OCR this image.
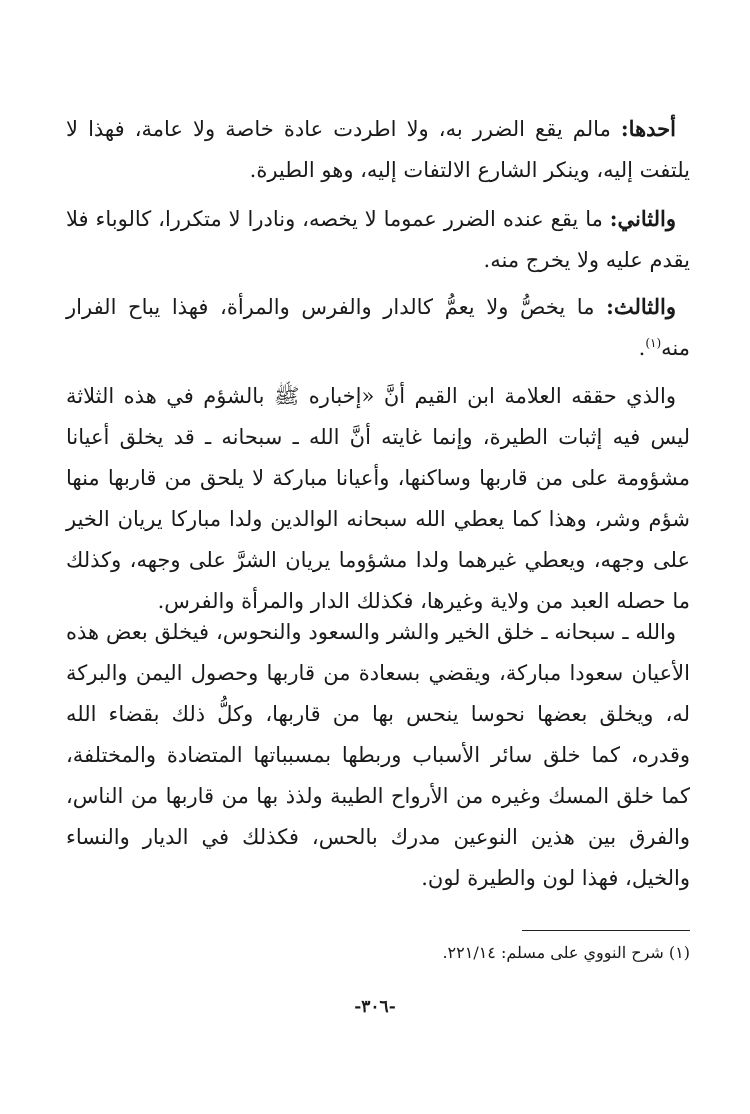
أحدها: مالم يقع الضرر به، ولا اطردت عادة خاصة ولا عامة، فهذا لا يلتفت إليه، وينكر الشارع الالتفات إليه، وهو الطيرة.

والثاني: ما يقع عنده الضرر عموما لا يخصه، ونادرا لا متكررا، كالوباء فلا يقدم عليه ولا يخرج منه.

والثالث: ما يخصُّ ولا يعمُّ كالدار والفرس والمرأة، فهذا يباح الفرار منه$^{(١)}$.

والذي حققه العلامة ابن القيم أنَّ «إخباره ﷺ بالشؤم في هذه الثلاثة ليس فيه إثبات الطيرة، وإنما غايته أنَّ الله ـ سبحانه ـ قد يخلق أعيانا مشؤومة على من قاربها وساكنها، وأعيانا مباركة لا يلحق من قاربها منها شؤم وشر، وهذا كما يعطي الله سبحانه الوالدين ولدا مباركا يريان الخير على وجهه، ويعطي غيرهما ولدا مشؤوما يريان الشرَّ على وجهه، وكذلك ما حصله العبد من ولاية وغيرها، فكذلك الدار والمرأة والفرس.

والله ـ سبحانه ـ خلق الخير والشر والسعود والنحوس، فيخلق بعض هذه الأعيان سعودا مباركة، ويقضي بسعادة من قاربها وحصول اليمن والبركة له، ويخلق بعضها نحوسا ينحس بها من قاربها، وكلُّ ذلك بقضاء الله وقدره، كما خلق سائر الأسباب وربطها بمسبباتها المتضادة والمختلفة، كما خلق المسك وغيره من الأرواح الطيبة ولذذ بها من قاربها من الناس، والفرق بين هذين النوعين مدرك بالحس، فكذلك في الديار والنساء والخيل، فهذا لون والطيرة لون.

(١) شرح النووي على مسلم: ٢٢١/١٤.
-٣٠٦-
